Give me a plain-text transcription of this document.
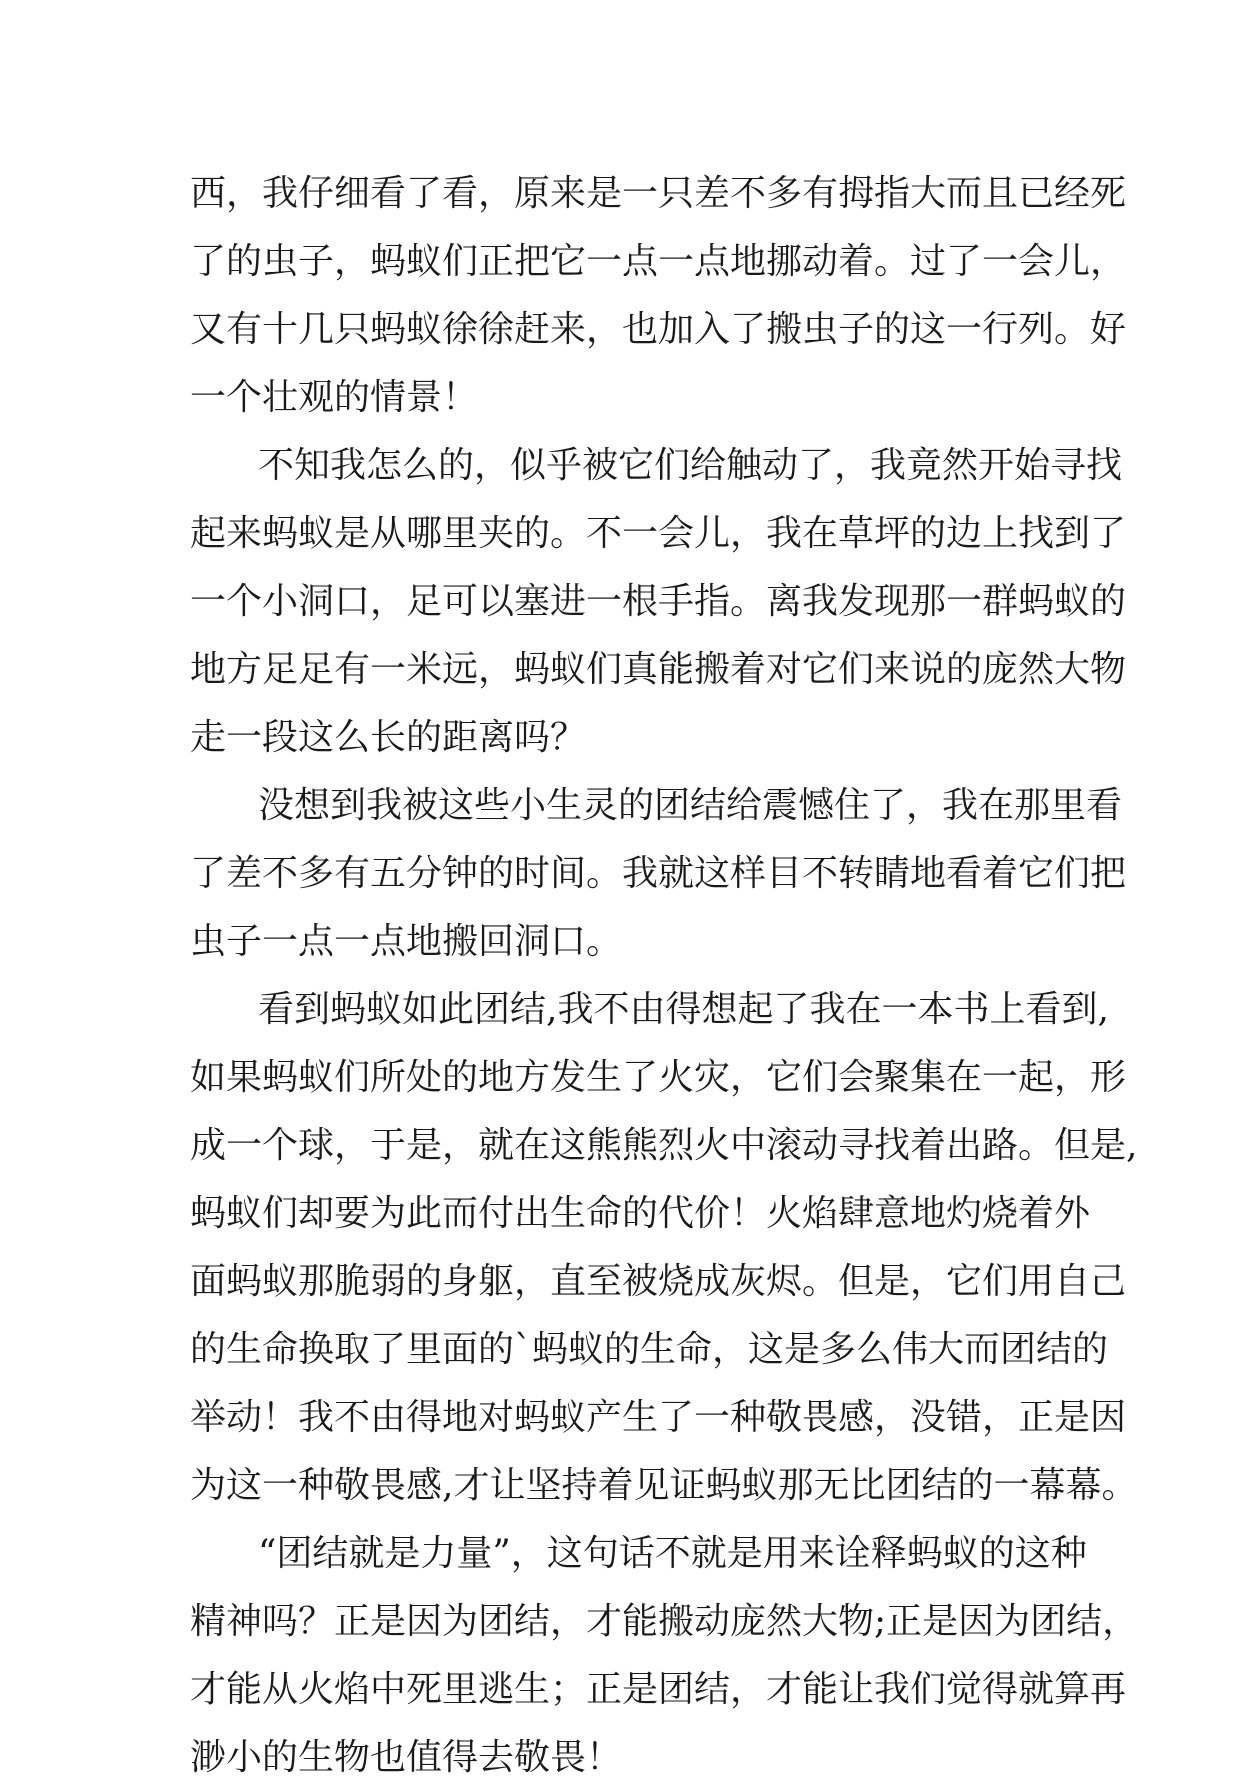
西，我仔细看了看，原来是一只差不多有拇指大而且已经死
了的虫子，蚂蚁们正把它一点一点地挪动着。过了一会儿，
又有十几只蚂蚁徐徐赶来，也加入了搬虫子的这一行列。好
一个壮观的情景！
不知我怎么的，似乎被它们给触动了，我竟然开始寻找
起来蚂蚁是从哪里夹的。不一会儿，我在草坪的边上找到了
一个小洞口，足可以塞进一根手指。离我发现那一群蚂蚁的
地方足足有一米远，蚂蚁们真能搬着对它们来说的庞然大物
走一段这么长的距离吗？
没想到我被这些小生灵的团结给震憾住了，我在那里看
了差不多有五分钟的时间。我就这样目不转睛地看着它们把
虫子一点一点地搬回洞口。
看到蚂蚁如此团结,我不由得想起了我在一本书上看到,
如果蚂蚁们所处的地方发生了火灾，它们会聚集在一起，形
成一个球，于是，就在这熊熊烈火中滚动寻找着出路。但是,
蚂蚁们却要为此而付出生命的代价！火焰肆意地灼烧着外
面蚂蚁那脆弱的身躯，直至被烧成灰烬。但是，它们用自己
的生命换取了里面的`蚂蚁的生命，这是多么伟大而团结的
举动！我不由得地对蚂蚁产生了一种敬畏感，没错，正是因
为这一种敬畏感,才让坚持着见证蚂蚁那无比团结的一幕幕。
“团结就是力量”，这句话不就是用来诠释蚂蚁的这种
精神吗？正是因为团结，才能搬动庞然大物;正是因为团结，
才能从火焰中死里逃生；正是团结，才能让我们觉得就算再
渺小的生物也值得去敬畏！
